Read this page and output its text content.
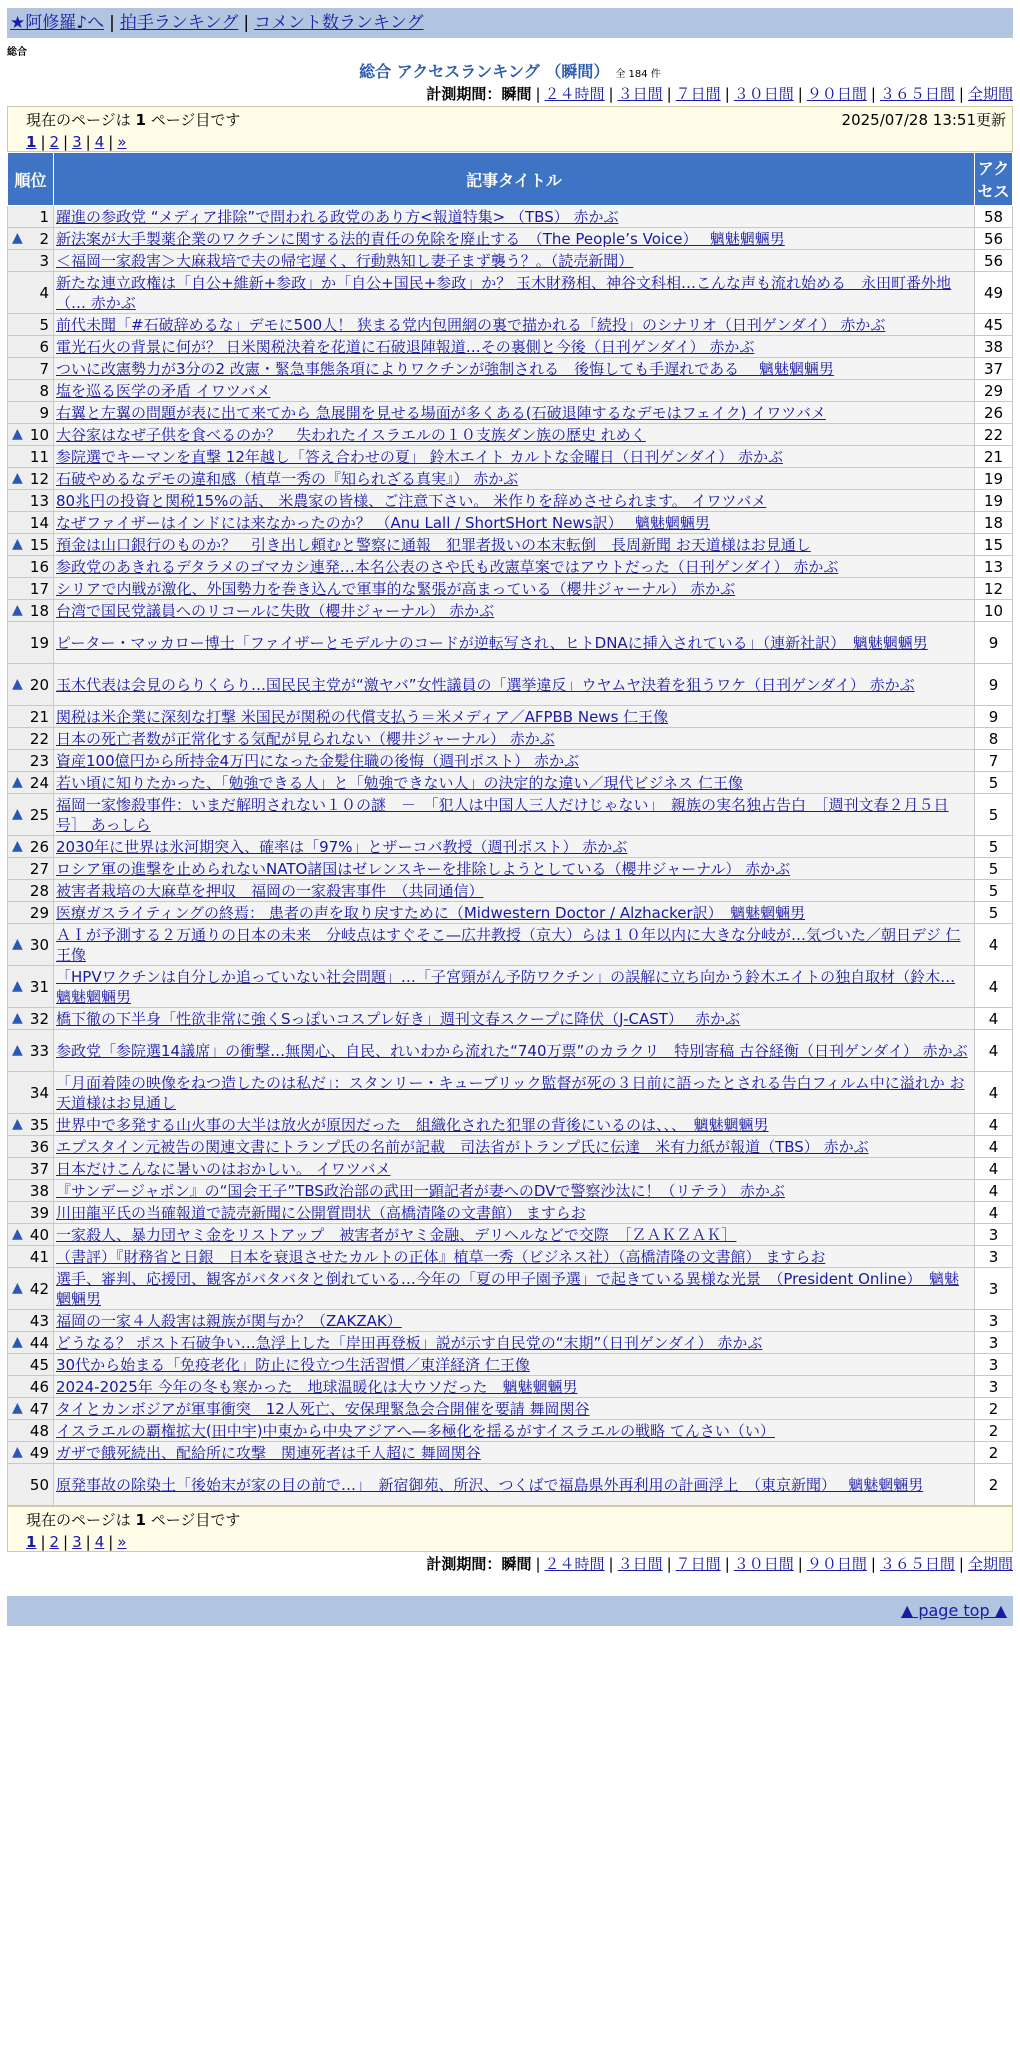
★阿修羅♪へ | 拍手ランキング | コメント数ランキング
総合
総合 アクセスランキング （瞬間） 全 184 件
計測期間：瞬間 | ２４時間 | ３日間 | ７日間 | ３０日間 | ９０日間 | ３６５日間 | 全期間
現在のページは 1 ページ目です	2025/07/28 13:51更新
1 | 2 | 3 | 4 | »
順位	記事タイトル	アクセス
1	躍進の参政党 “メディア排除”で問われる政党のあり方<報道特集> （TBS） 赤かぶ	58

▲ 2	新法案が大手製薬企業のワクチンに関する法的責任の免除を廃止する　（The People’s Voice）　 魑魅魍魎男	56
3	＜福岡一家殺害＞大麻栽培で夫の帰宅遅く、行動熟知し妻子まず襲う？。（読売新聞）	56
4	新たな連立政権は「自公+維新+参政」か「自公+国民+参政」か？ 玉木財務相、神谷文科相…こんな声も流れ始める　永田町番外地（… 赤かぶ	49
5	前代未聞「#石破辞めるな」デモに500人！ 狭まる党内包囲網の裏で描かれる「続投」のシナリオ（日刊ゲンダイ） 赤かぶ	45
6	電光石火の背景に何が？ 日米関税決着を花道に石破退陣報道…その裏側と今後（日刊ゲンダイ） 赤かぶ	38
7	ついに改憲勢力が3分の2 改憲・緊急事態条項によりワクチンが強制される　後悔しても手遅れである　 魑魅魍魎男	37
8	塩を巡る医学の矛盾 イワツバメ	29
9	右翼と左翼の問題が表に出て来てから 急展開を見せる場面が多くある(石破退陣するなデモはフェイク) イワツバメ	26

▲ 10	大谷家はなぜ子供を食べるのか？　失われたイスラエルの１０支族ダン族の歴史 れめく	22
11	参院選でキーマンを直撃 12年越し「答え合わせの夏」 鈴木エイト カルトな金曜日（日刊ゲンダイ） 赤かぶ	21

▲ 12	石破やめるなデモの違和感（植草一秀の『知られざる真実』） 赤かぶ	19
13	80兆円の投資と関税15%の話、 米農家の皆様、ご注意下さい。 米作りを辞めさせられます。 イワツバメ	19
14	なぜファイザーはインドには来なかったのか？ （Anu Lall / ShortSHort News訳）　 魑魅魍魎男	18

▲ 15	預金は山口銀行のものか？　引き出し頼むと警察に通報　犯罪者扱いの本末転倒　長周新聞 お天道様はお見通し	15
16	参政党のあきれるデタラメのゴマカシ連発…本名公表のさや氏も改憲草案ではアウトだった（日刊ゲンダイ） 赤かぶ	13
17	シリアで内戦が激化、外国勢力を巻き込んで軍事的な緊張が高まっている（櫻井ジャーナル） 赤かぶ	12

▲ 18	台湾で国民党議員へのリコールに失敗（櫻井ジャーナル） 赤かぶ	10
19	ピーター・マッカロー博士「ファイザーとモデルナのコードが逆転写され、ヒトDNAに挿入されている」（連新社訳）　魑魅魍魎男	9

▲ 20	玉木代表は会見のらりくらり…国民民主党が“激ヤバ”女性議員の「選挙違反」ウヤムヤ決着を狙うワケ（日刊ゲンダイ） 赤かぶ	9
21	関税は米企業に深刻な打撃 米国民が関税の代償支払う＝米メディア／AFPBB News 仁王像	9
22	日本の死亡者数が正常化する気配が見られない（櫻井ジャーナル） 赤かぶ	8
23	資産100億円から所持金4万円になった金髪住職の後悔（週刊ポスト） 赤かぶ	7

▲ 24	若い頃に知りたかった、「勉強できる人」と「勉強できない人」の決定的な違い／現代ビジネス 仁王像	5

▲ 25	福岡一家惨殺事件：いまだ解明されない１０の謎　－　「犯人は中国人三人だけじゃない」　親族の実名独占告白　［週刊文春２月５日号］ あっしら	5

▲ 26	2030年に世界は氷河期突入、確率は「97%」とザーコバ教授（週刊ポスト） 赤かぶ	5
27	ロシア軍の進撃を止められないNATO諸国はゼレンスキーを排除しようとしている（櫻井ジャーナル） 赤かぶ	5
28	被害者栽培の大麻草を押収　福岡の一家殺害事件　（共同通信）	5
29	医療ガスライティングの終焉： 患者の声を取り戻すために（Midwestern Doctor / Alzhacker訳）　魑魅魍魎男	5

▲ 30	ＡＩが予測する２万通りの日本の未来　分岐点はすぐそこ—広井教授（京大）らは１０年以内に大きな分岐が…気づいた／朝日デジ 仁王像	4

▲ 31	「HPVワクチンは自分しか追っていない社会問題」…「子宮頸がん予防ワクチン」の誤解に立ち向かう鈴木エイトの独自取材（鈴木… 魑魅魍魎男	4

▲ 32	橋下徹の下半身「性欲非常に強くSっぽいコスプレ好き」週刊文春スクープに降伏（J-CAST）　 赤かぶ	4

▲ 33	参政党「参院選14議席」の衝撃…無関心、自民、れいわから流れた“740万票”のカラクリ　特別寄稿 古谷経衡（日刊ゲンダイ） 赤かぶ	4
34	「月面着陸の映像をねつ造したのは私だ」：スタンリー・キューブリック監督が死の３日前に語ったとされる告白フィルム中に溢れか お天道様はお見通し	4

▲ 35	世界中で多発する山火事の大半は放火が原因だった　組織化された犯罪の背後にいるのは、、、　魑魅魍魎男	4
36	エプスタイン元被告の関連文書にトランプ氏の名前が記載　司法省がトランプ氏に伝達　米有力紙が報道（TBS） 赤かぶ	4
37	日本だけこんなに暑いのはおかしい。 イワツバメ	4
38	『サンデージャポン』の“国会王子”TBS政治部の武田一顕記者が妻へのDVで警察沙汰に！（リテラ） 赤かぶ	4
39	川田龍平氏の当確報道で読売新聞に公開質問状（高橋清隆の文書館） ますらお	4

▲ 40	一家殺人、暴力団ヤミ金をリストアップ　被害者がヤミ金融、デリヘルなどで交際　［ＺＡＫＺＡＫ］	3
41	（書評）『財務省と日銀　日本を衰退させたカルトの正体』植草一秀（ビジネス社）（高橋清隆の文書館） ますらお	3

▲ 42	選手、審判、応援団、観客がバタバタと倒れている…今年の「夏の甲子園予選」で起きている異様な光景　（President Online）　魑魅魍魎男	3
43	福岡の一家４人殺害は親族が関与か？（ZAKZAK）	3

▲ 44	どうなる？ ポスト石破争い…急浮上した「岸田再登板」説が示す自民党の“末期”（日刊ゲンダイ） 赤かぶ	3
45	30代から始まる「免疫老化」防止に役立つ生活習慣／東洋経済 仁王像	3
46	2024-2025年 今年の冬も寒かった　地球温暖化は大ウソだった　魑魅魍魎男	3

▲ 47	タイとカンボジアが軍事衝突　12人死亡、安保理緊急会合開催を要請 舞岡関谷	2
48	イスラエルの覇権拡大(田中宇)中東から中央アジアへ—多極化を揺るがすイスラエルの戦略 てんさい（い）	2

▲ 49	ガザで餓死続出、配給所に攻撃　関連死者は千人超に 舞岡関谷	2
50	原発事故の除染土「後始末が家の目の前で…」　新宿御苑、所沢、つくばで福島県外再利用の計画浮上　（東京新聞）　 魑魅魍魎男	2
現在のページは 1 ページ目です
1 | 2 | 3 | 4 | »
計測期間：瞬間 | ２４時間 | ３日間 | ７日間 | ３０日間 | ９０日間 | ３６５日間 | 全期間
▲ page top ▲
